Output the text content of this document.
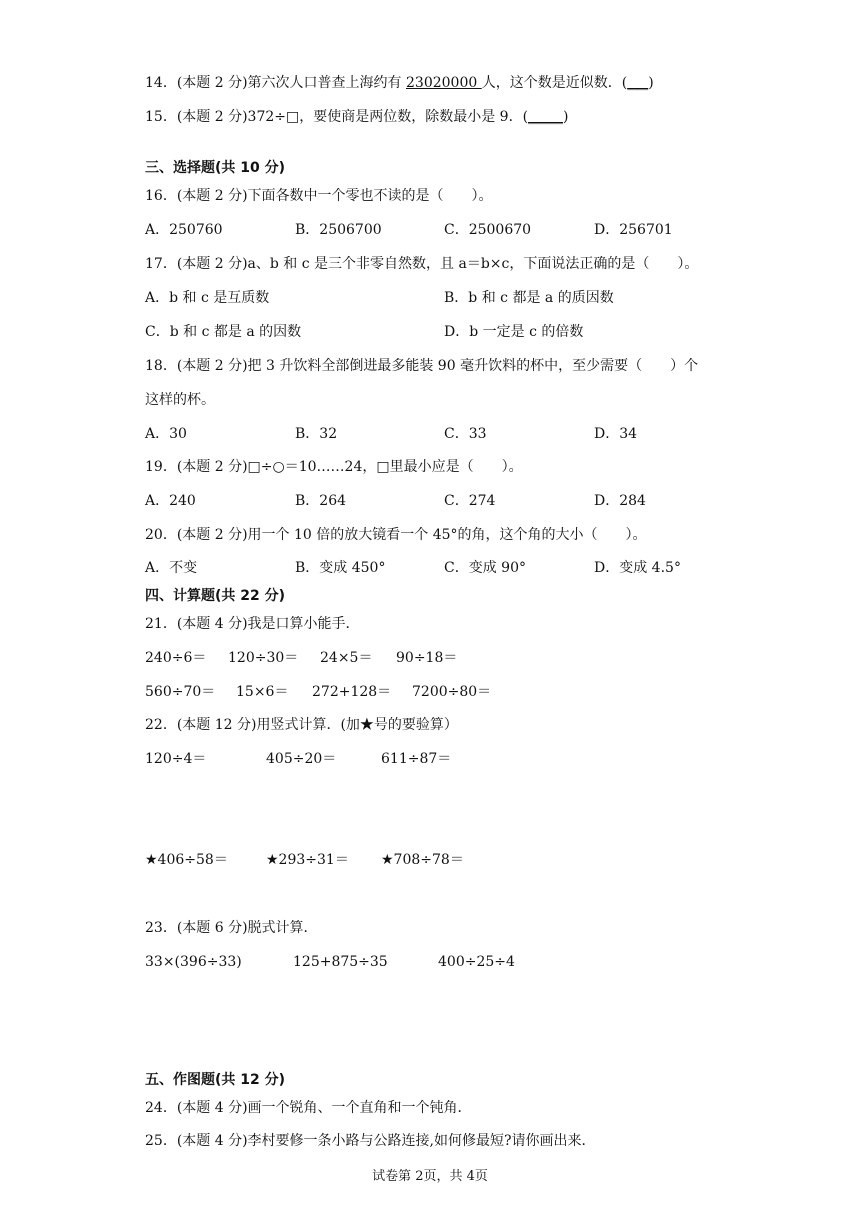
14．(本题 2 分)第六次人口普查上海约有 23020000 人，这个数是近似数．(___)
15．(本题 2 分)372÷□，要使商是两位数，除数最小是 9．(_____)
三、选择题(共 10 分)
16．(本题 2 分)下面各数中一个零也不读的是（　　）。
A．250760	B．2506700	C．2500670	D．256701
17．(本题 2 分)a、b 和 c 是三个非零自然数，且 a＝b×c，下面说法正确的是（　　）。
A．b 和 c 是互质数	B．b 和 c 都是 a 的质因数
C．b 和 c 都是 a 的因数	D．b 一定是 c 的倍数
18．(本题 2 分)把 3 升饮料全部倒进最多能装 90 毫升饮料的杯中，至少需要（　　）个
这样的杯。
A．30	B．32	C．33	D．34
19．(本题 2 分)□÷○＝10……24，□里最小应是（　　）。
A．240	B．264	C．274	D．284
20．(本题 2 分)用一个 10 倍的放大镜看一个 45°的角，这个角的大小（　　）。
A．不变	B．变成 450°	C．变成 90°	D．变成 4.5°
四、计算题(共 22 分)
21．(本题 4 分)我是口算小能手．
240÷6＝ 120÷30＝ 24×5＝ 90÷18＝
560÷70＝ 15×6＝ 272+128＝ 7200÷80＝
22．(本题 12 分)用竖式计算．(加★号的要验算）
120÷4＝	405÷20＝	611÷87＝
★406÷58＝	★293÷31＝ ★708÷78＝
23．(本题 6 分)脱式计算．
33×(396÷33)	125+875÷35	400÷25÷4
五、作图题(共 12 分)
24．(本题 4 分)画一个锐角、一个直角和一个钝角．
25．(本题 4 分)李村要修一条小路与公路连接,如何修最短?请你画出来．
试卷第 2页，共 4页
